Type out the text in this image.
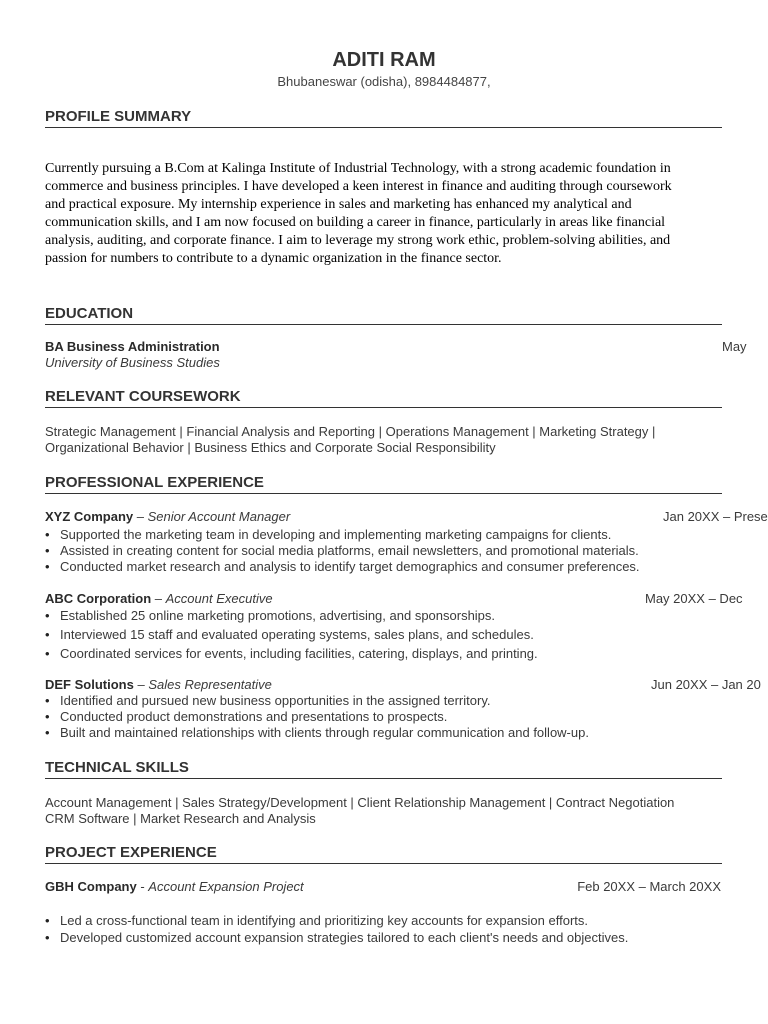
ADITI RAM
Bhubaneswar (odisha), 8984484877,
PROFILE SUMMARY
Currently pursuing a B.Com at Kalinga Institute of Industrial Technology, with a strong academic foundation in
commerce and business principles. I have developed a keen interest in finance and auditing through coursework
and practical exposure. My internship experience in sales and marketing has enhanced my analytical and
communication skills, and I am now focused on building a career in finance, particularly in areas like financial
analysis, auditing, and corporate finance. I aim to leverage my strong work ethic, problem-solving abilities, and
passion for numbers to contribute to a dynamic organization in the finance sector.
EDUCATION
BA Business Administration	May
University of Business Studies
RELEVANT COURSEWORK
Strategic Management | Financial Analysis and Reporting | Operations Management | Marketing Strategy |
Organizational Behavior | Business Ethics and Corporate Social Responsibility
PROFESSIONAL EXPERIENCE
XYZ Company – Senior Account Manager	Jan 20XX – Prese
• Supported the marketing team in developing and implementing marketing campaigns for clients.
• Assisted in creating content for social media platforms, email newsletters, and promotional materials.
• Conducted market research and analysis to identify target demographics and consumer preferences.
ABC Corporation – Account Executive	May 20XX – Dec
• Established 25 online marketing promotions, advertising, and sponsorships.
• Interviewed 15 staff and evaluated operating systems, sales plans, and schedules.
• Coordinated services for events, including facilities, catering, displays, and printing.
DEF Solutions – Sales Representative	Jun 20XX – Jan 20
• Identified and pursued new business opportunities in the assigned territory.
• Conducted product demonstrations and presentations to prospects.
• Built and maintained relationships with clients through regular communication and follow-up.
TECHNICAL SKILLS
Account Management | Sales Strategy/Development | Client Relationship Management | Contract Negotiation
CRM Software | Market Research and Analysis
PROJECT EXPERIENCE
GBH Company - Account Expansion Project	Feb 20XX – March 20XX
• Led a cross-functional team in identifying and prioritizing key accounts for expansion efforts.
• Developed customized account expansion strategies tailored to each client's needs and objectives.
